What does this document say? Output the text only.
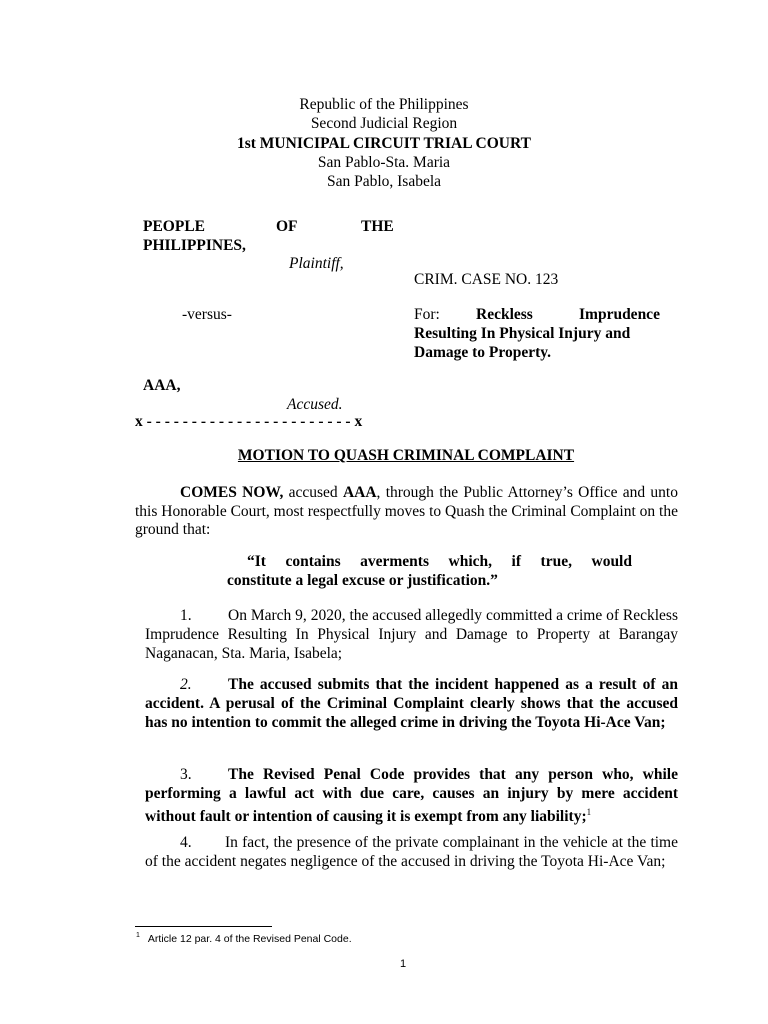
Republic of the Philippines
Second Judicial Region
1st MUNICIPAL CIRCUIT TRIAL COURT
San Pablo-Sta. Maria
San Pablo, Isabela
PEOPLE	OF	THE
PHILIPPINES,
Plaintiff,
CRIM. CASE NO. 123
-versus-	For: Reckless	Imprudence
Resulting In Physical Injury and
Damage to Property.
AAA,
Accused.
x - - - - - - - - - - - - - - - - - - - - - - - x
MOTION TO QUASH CRIMINAL COMPLAINT
COMES NOW, accused AAA, through the Public Attorney’s Office and unto this Honorable Court, most respectfully moves to Quash the Criminal Complaint on the ground that:
“It contains averments which, if true, would
constitute a legal excuse or justification.”
1. On March 9, 2020, the accused allegedly committed a crime of Reckless Imprudence Resulting In Physical Injury and Damage to Property at Barangay Naganacan, Sta. Maria, Isabela;
2. The accused submits that the incident happened as a result of an accident. A perusal of the Criminal Complaint clearly shows that the accused has no intention to commit the alleged crime in driving the Toyota Hi-Ace Van;
3. The Revised Penal Code provides that any person who, while performing a lawful act with due care, causes an injury by mere accident without fault or intention of causing it is exempt from any liability;$^1$
4. In fact, the presence of the private complainant in the vehicle at the time of the accident negates negligence of the accused in driving the Toyota Hi-Ace Van;
$^1$ Article 12 par. 4 of the Revised Penal Code.
1
